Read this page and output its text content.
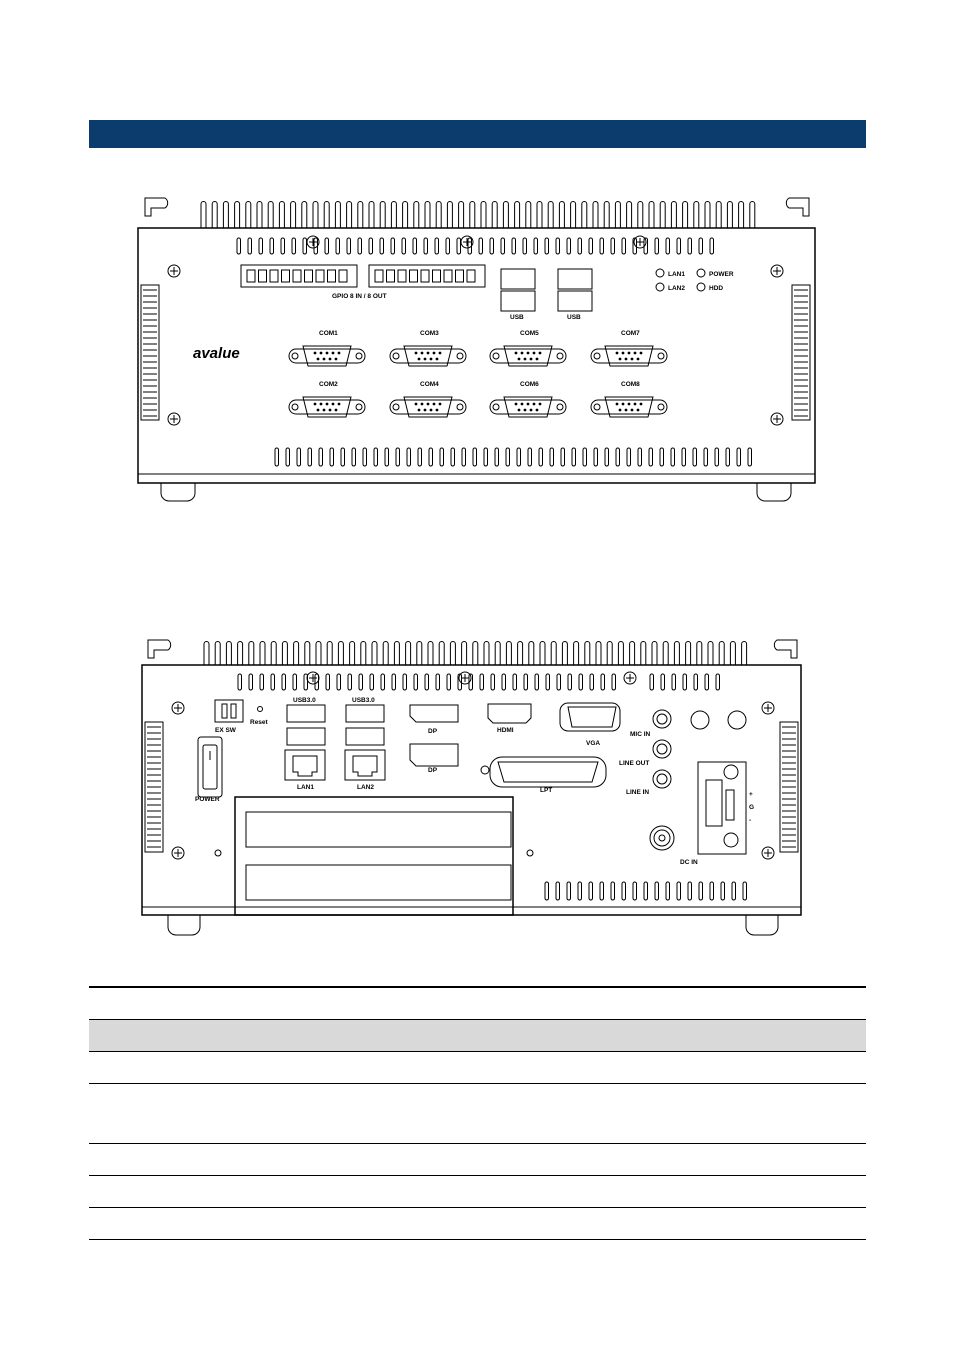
GPIO 8 IN / 8 OUT
USB	USB
LAN1	POWER
LAN2	HDD
COM1	COM3	COM5	COM7
COM2	COM4	COM6	COM8
avalue
EX SW
Reset
POWER
USB3.0	USB3.0
LAN1	LAN2
DP
DP
HDMI
VGA
LPT
MIC IN
LINE OUT
LINE IN
DC IN
+
G
-
